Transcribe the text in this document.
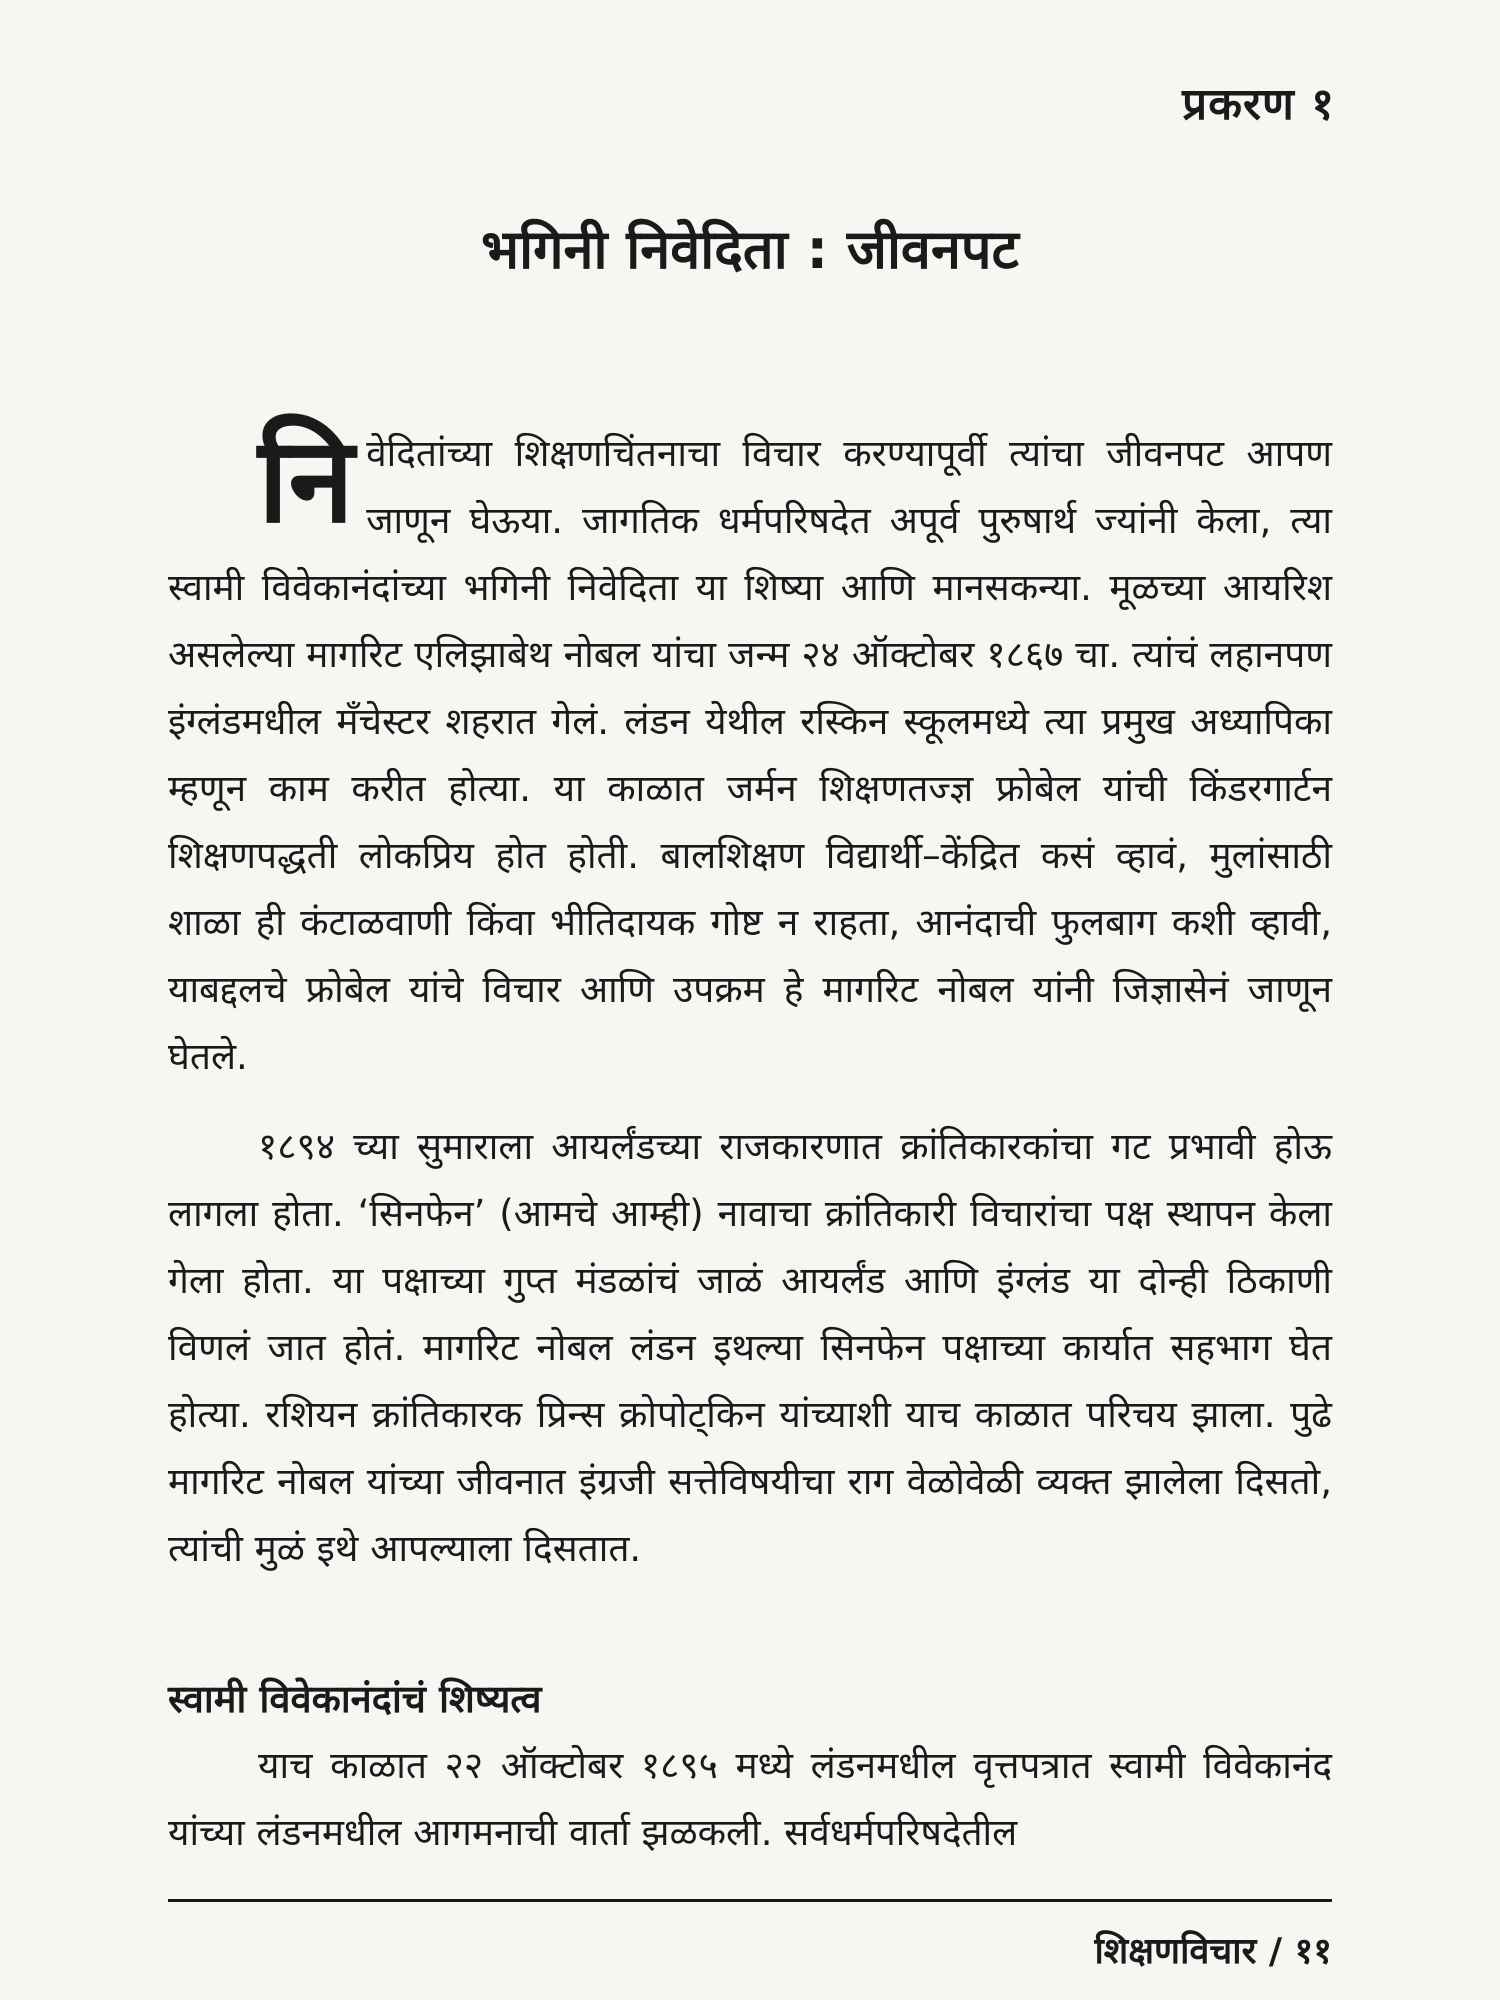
प्रकरण १
भगिनी निवेदिता : जीवनपट
नि वेदितांच्या शिक्षणचिंतनाचा विचार करण्यापूर्वी त्यांचा जीवनपट आपण जाणून घेऊया. जागतिक धर्मपरिषदेत अपूर्व पुरुषार्थ ज्यांनी केला, त्या स्वामी विवेकानंदांच्या भगिनी निवेदिता या शिष्या आणि मानसकन्या. मूळच्या आयरिश असलेल्या मागरिट एलिझाबेथ नोबल यांचा जन्म २४ ऑक्टोबर १८६७ चा. त्यांचं लहानपण इंग्लंडमधील मँचेस्टर शहरात गेलं. लंडन येथील रस्किन स्कूलमध्ये त्या प्रमुख अध्यापिका म्हणून काम करीत होत्या. या काळात जर्मन शिक्षणतज्ज्ञ फ्रोबेल यांची किंडरगार्टन शिक्षणपद्धती लोकप्रिय होत होती. बालशिक्षण विद्यार्थी–केंद्रित कसं व्हावं, मुलांसाठी शाळा ही कंटाळवाणी किंवा भीतिदायक गोष्ट न राहता, आनंदाची फुलबाग कशी व्हावी, याबद्दलचे फ्रोबेल यांचे विचार आणि उपक्रम हे मागरिट नोबल यांनी जिज्ञासेनं जाणून घेतले.

१८९४ च्या सुमाराला आयर्लंडच्या राजकारणात क्रांतिकारकांचा गट प्रभावी होऊ लागला होता. ‘सिनफेन’ (आमचे आम्ही) नावाचा क्रांतिकारी विचारांचा पक्ष स्थापन केला गेला होता. या पक्षाच्या गुप्त मंडळांचं जाळं आयर्लंड आणि इंग्लंड या दोन्ही ठिकाणी विणलं जात होतं. मागरिट नोबल लंडन इथल्या सिनफेन पक्षाच्या कार्यात सहभाग घेत होत्या. रशियन क्रांतिकारक प्रिन्स क्रोपोट्किन यांच्याशी याच काळात परिचय झाला. पुढे मागरिट नोबल यांच्या जीवनात इंग्रजी सत्तेविषयीचा राग वेळोवेळी व्यक्त झालेला दिसतो, त्यांची मुळं इथे आपल्याला दिसतात.

स्वामी विवेकानंदांचं शिष्यत्व

याच काळात २२ ऑक्टोबर १८९५ मध्ये लंडनमधील वृत्तपत्रात स्वामी विवेकानंद यांच्या लंडनमधील आगमनाची वार्ता झळकली. सर्वधर्मपरिषदेतील

शिक्षणविचार / ११
